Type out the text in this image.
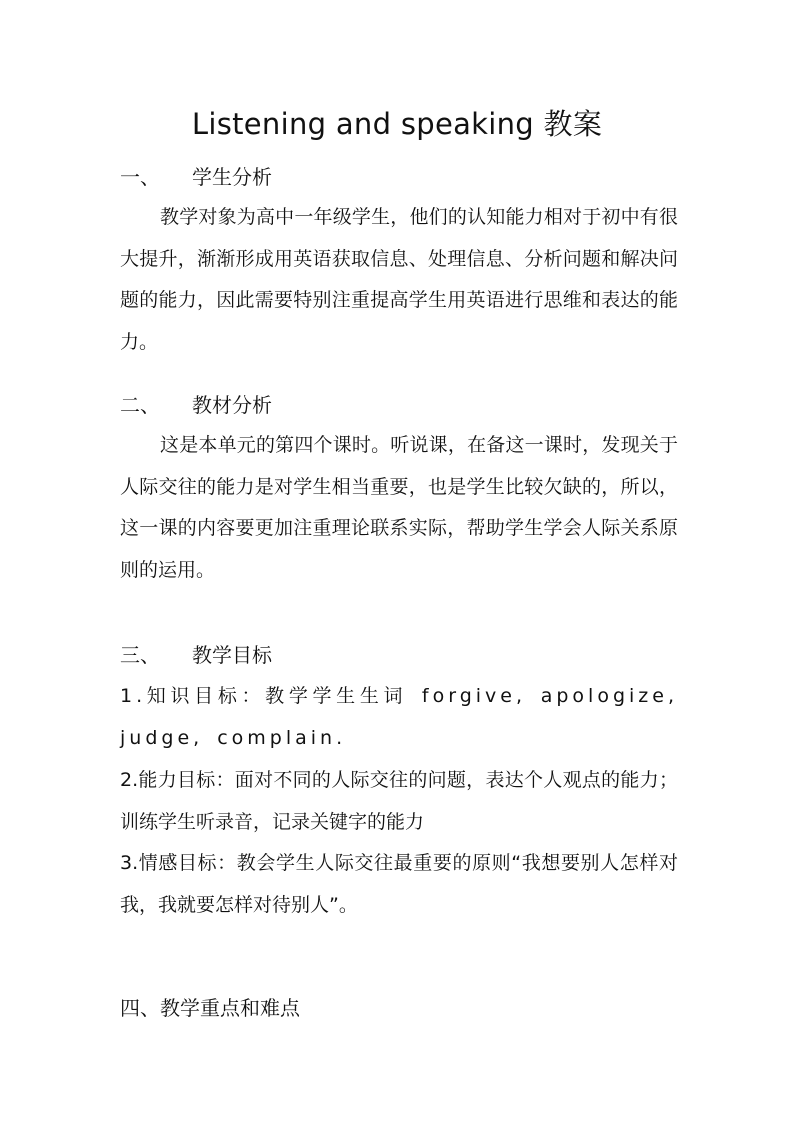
Listening and speaking 教案
一、 学生分析

教学对象为高中一年级学生，他们的认知能力相对于初中有很大提升，渐渐形成用英语获取信息、处理信息、分析问题和解决问题的能力，因此需要特别注重提高学生用英语进行思维和表达的能力。

二、 教材分析

这是本单元的第四个课时。听说课，在备这一课时，发现关于人际交往的能力是对学生相当重要，也是学生比较欠缺的，所以，这一课的内容要更加注重理论联系实际，帮助学生学会人际关系原则的运用。

三、 教学目标

1.知识目标：教学学生生词 forgive, apologize, judge, complain.

2.能力目标：面对不同的人际交往的问题，表达个人观点的能力；训练学生听录音，记录关键字的能力

3.情感目标：教会学生人际交往最重要的原则“我想要别人怎样对我，我就要怎样对待别人”。

四、教学重点和难点
